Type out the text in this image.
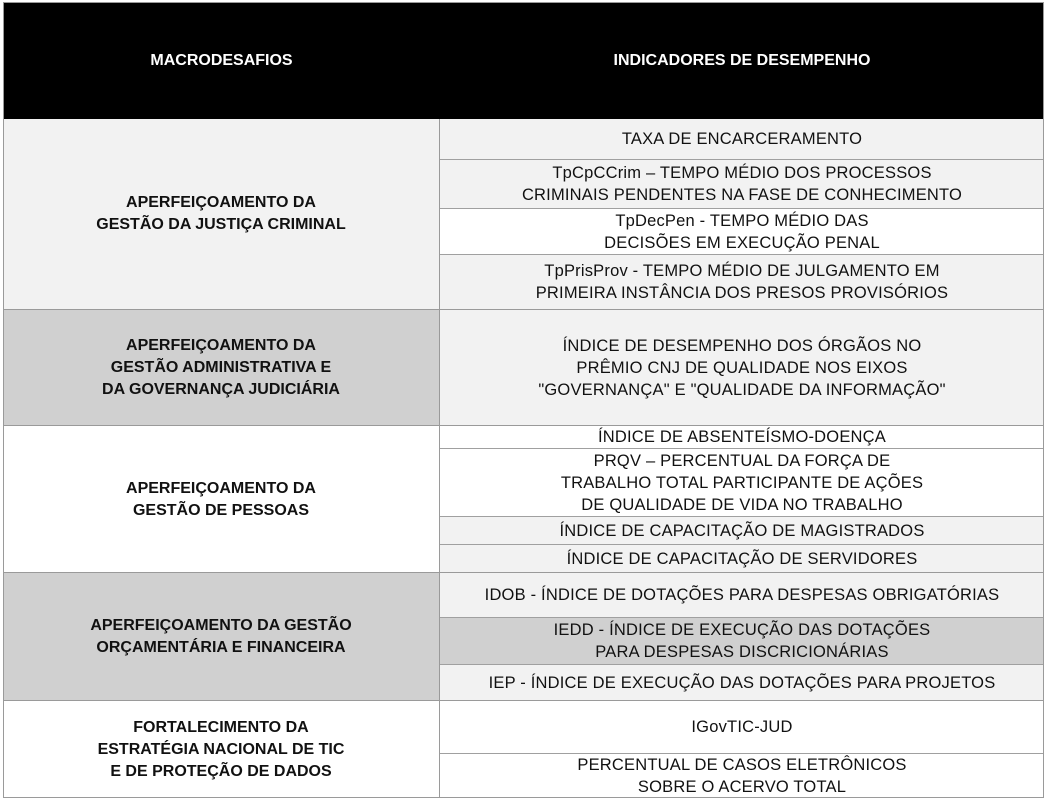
MACRODESAFIOS	INDICADORES DE DESEMPENHO
APERFEIÇOAMENTO DA
GESTÃO DA JUSTIÇA CRIMINAL
TAXA DE ENCARCERAMENTO
TpCpCCrim – TEMPO MÉDIO DOS PROCESSOS
CRIMINAIS PENDENTES NA FASE DE CONHECIMENTO
TpDecPen - TEMPO MÉDIO DAS
DECISÕES EM EXECUÇÃO PENAL
TpPrisProv - TEMPO MÉDIO DE JULGAMENTO EM
PRIMEIRA INSTÂNCIA DOS PRESOS PROVISÓRIOS
APERFEIÇOAMENTO DA
GESTÃO ADMINISTRATIVA E
DA GOVERNANÇA JUDICIÁRIA
ÍNDICE DE DESEMPENHO DOS ÓRGÃOS NO
PRÊMIO CNJ DE QUALIDADE NOS EIXOS
"GOVERNANÇA" E "QUALIDADE DA INFORMAÇÃO"
APERFEIÇOAMENTO DA
GESTÃO DE PESSOAS
ÍNDICE DE ABSENTEÍSMO-DOENÇA
PRQV – PERCENTUAL DA FORÇA DE
TRABALHO TOTAL PARTICIPANTE DE AÇÕES
DE QUALIDADE DE VIDA NO TRABALHO
ÍNDICE DE CAPACITAÇÃO DE MAGISTRADOS
ÍNDICE DE CAPACITAÇÃO DE SERVIDORES
APERFEIÇOAMENTO DA GESTÃO
ORÇAMENTÁRIA E FINANCEIRA
IDOB - ÍNDICE DE DOTAÇÕES PARA DESPESAS OBRIGATÓRIAS
IEDD - ÍNDICE DE EXECUÇÃO DAS DOTAÇÕES
PARA DESPESAS DISCRICIONÁRIAS
IEP - ÍNDICE DE EXECUÇÃO DAS DOTAÇÕES PARA PROJETOS
FORTALECIMENTO DA
ESTRATÉGIA NACIONAL DE TIC
E DE PROTEÇÃO DE DADOS
IGovTIC-JUD
PERCENTUAL DE CASOS ELETRÔNICOS
SOBRE O ACERVO TOTAL
